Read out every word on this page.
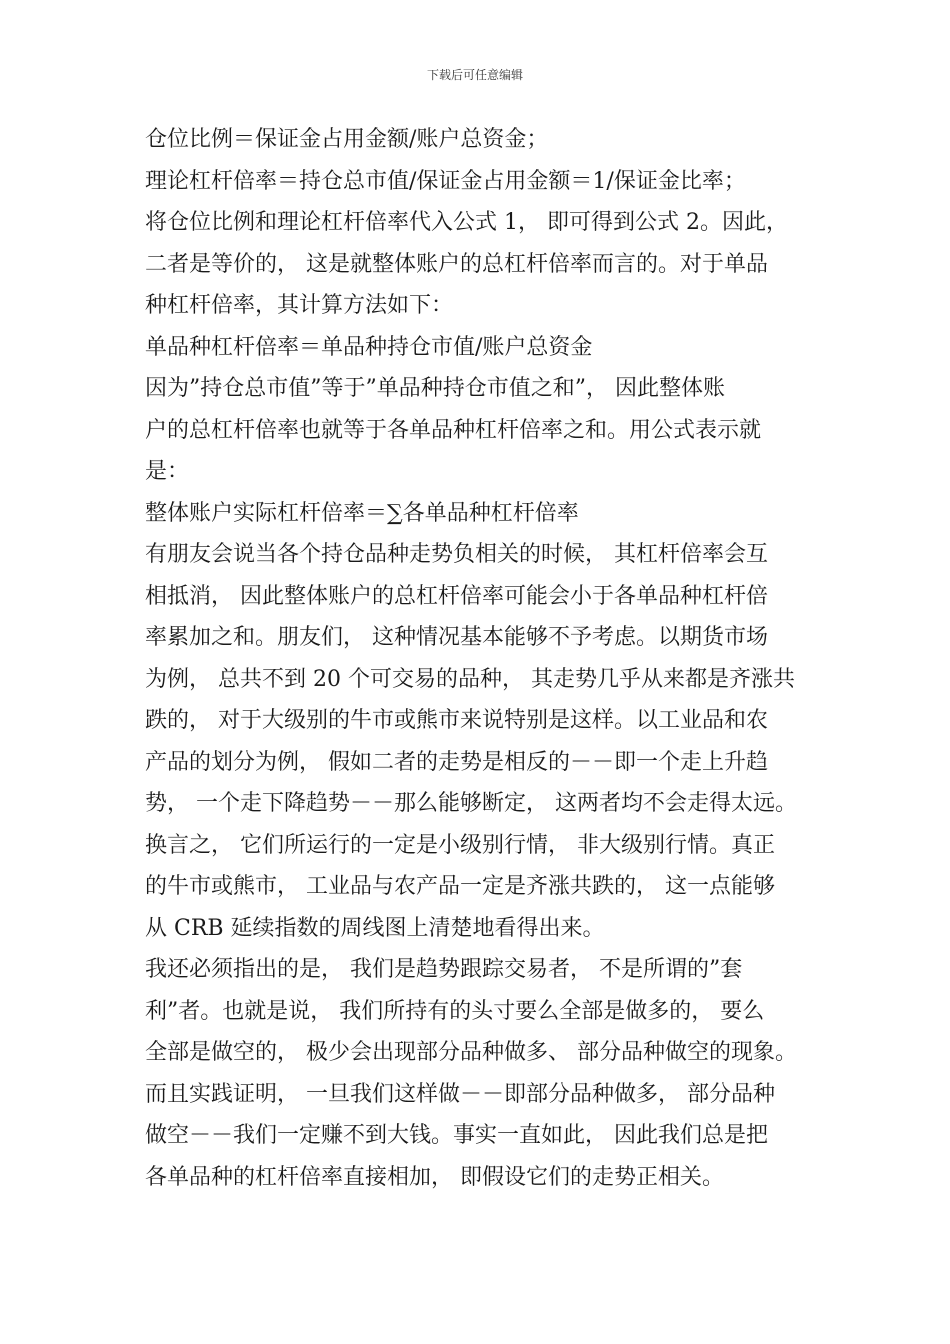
下载后可任意编辑
仓位比例＝保证金占用金额/账户总资金；
理论杠杆倍率＝持仓总市值/保证金占用金额＝1/保证金比率；
将仓位比例和理论杠杆倍率代入公式 1， 即可得到公式 2。因此，
二者是等价的， 这是就整体账户的总杠杆倍率而言的。对于单品
种杠杆倍率，其计算方法如下：
单品种杠杆倍率＝单品种持仓市值/账户总资金
因为”持仓总市值”等于”单品种持仓市值之和”， 因此整体账
户的总杠杆倍率也就等于各单品种杠杆倍率之和。用公式表示就
是：
整体账户实际杠杆倍率＝∑各单品种杠杆倍率
有朋友会说当各个持仓品种走势负相关的时候， 其杠杆倍率会互
相抵消， 因此整体账户的总杠杆倍率可能会小于各单品种杠杆倍
率累加之和。朋友们， 这种情况基本能够不予考虑。以期货市场
为例， 总共不到 20 个可交易的品种， 其走势几乎从来都是齐涨共
跌的， 对于大级别的牛市或熊市来说特别是这样。以工业品和农
产品的划分为例， 假如二者的走势是相反的－－即一个走上升趋
势， 一个走下降趋势－－那么能够断定， 这两者均不会走得太远。
换言之， 它们所运行的一定是小级别行情， 非大级别行情。真正
的牛市或熊市， 工业品与农产品一定是齐涨共跌的， 这一点能够
从 CRB 延续指数的周线图上清楚地看得出来。
我还必须指出的是， 我们是趋势跟踪交易者， 不是所谓的”套
利”者。也就是说， 我们所持有的头寸要么全部是做多的， 要么
全部是做空的， 极少会出现部分品种做多、 部分品种做空的现象。
而且实践证明， 一旦我们这样做－－即部分品种做多， 部分品种
做空－－我们一定赚不到大钱。事实一直如此， 因此我们总是把
各单品种的杠杆倍率直接相加， 即假设它们的走势正相关。
